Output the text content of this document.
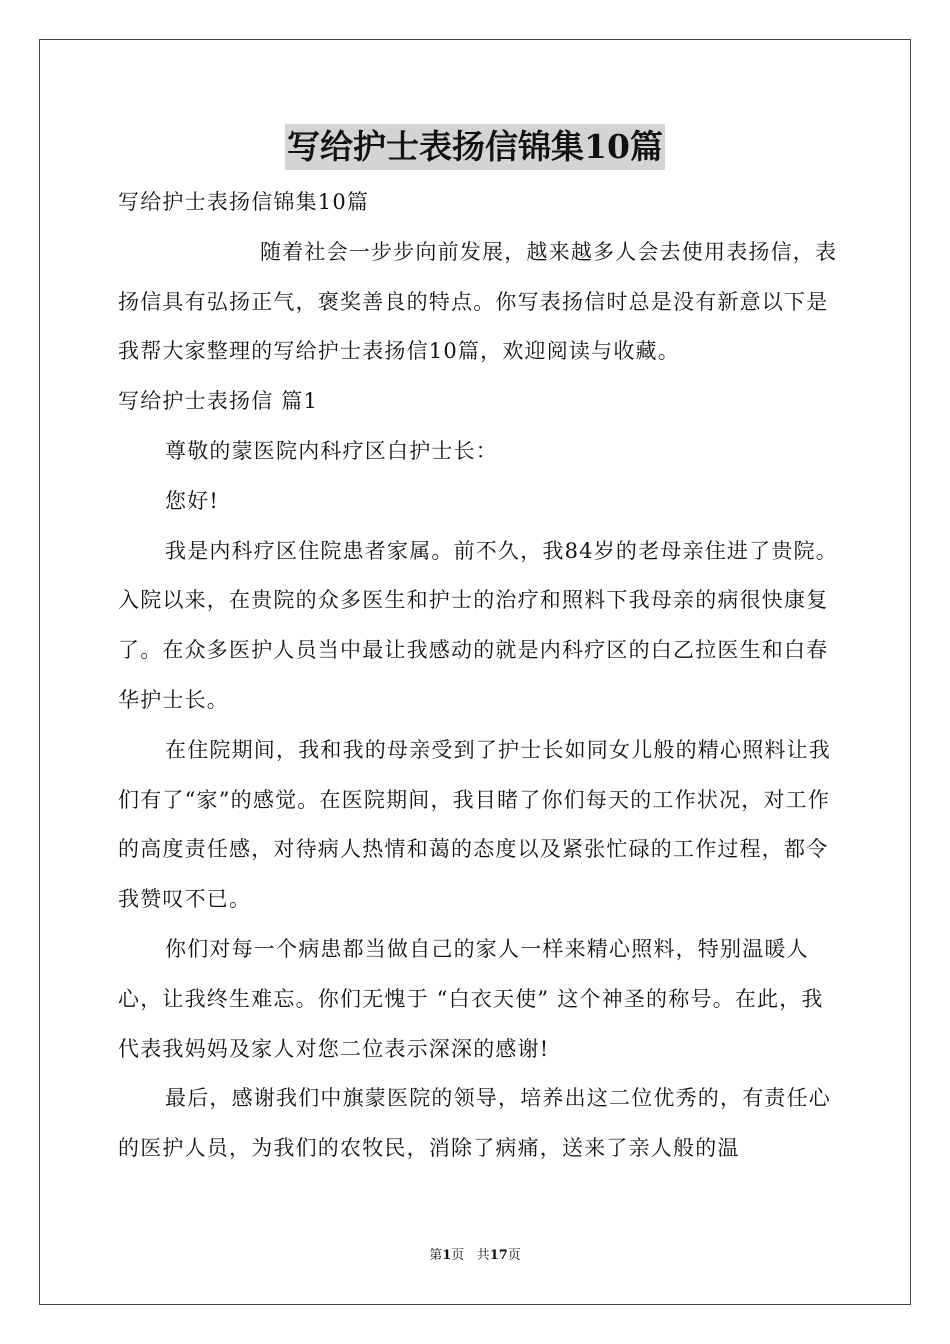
写给护士表扬信锦集10篇

写给护士表扬信锦集10篇

随着社会一步步向前发展，越来越多人会去使用表扬信，表扬信具有弘扬正气，褒奖善良的特点。你写表扬信时总是没有新意以下是我帮大家整理的写给护士表扬信10篇，欢迎阅读与收藏。

写给护士表扬信 篇1

尊敬的蒙医院内科疗区白护士长：

您好!

我是内科疗区住院患者家属。前不久，我84岁的老母亲住进了贵院。入院以来，在贵院的众多医生和护士的治疗和照料下我母亲的病很快康复了。在众多医护人员当中最让我感动的就是内科疗区的白乙拉医生和白春华护士长。

在住院期间，我和我的母亲受到了护士长如同女儿般的精心照料让我们有了“家”的感觉。在医院期间，我目睹了你们每天的工作状况，对工作的高度责任感，对待病人热情和蔼的态度以及紧张忙碌的工作过程，都令我赞叹不已。

你们对每一个病患都当做自己的家人一样来精心照料，特别温暖人心，让我终生难忘。你们无愧于 “白衣天使” 这个神圣的称号。在此，我代表我妈妈及家人对您二位表示深深的感谢!

最后，感谢我们中旗蒙医院的领导，培养出这二位优秀的，有责任心的医护人员，为我们的农牧民，消除了病痛，送来了亲人般的温

第1页 共17页
